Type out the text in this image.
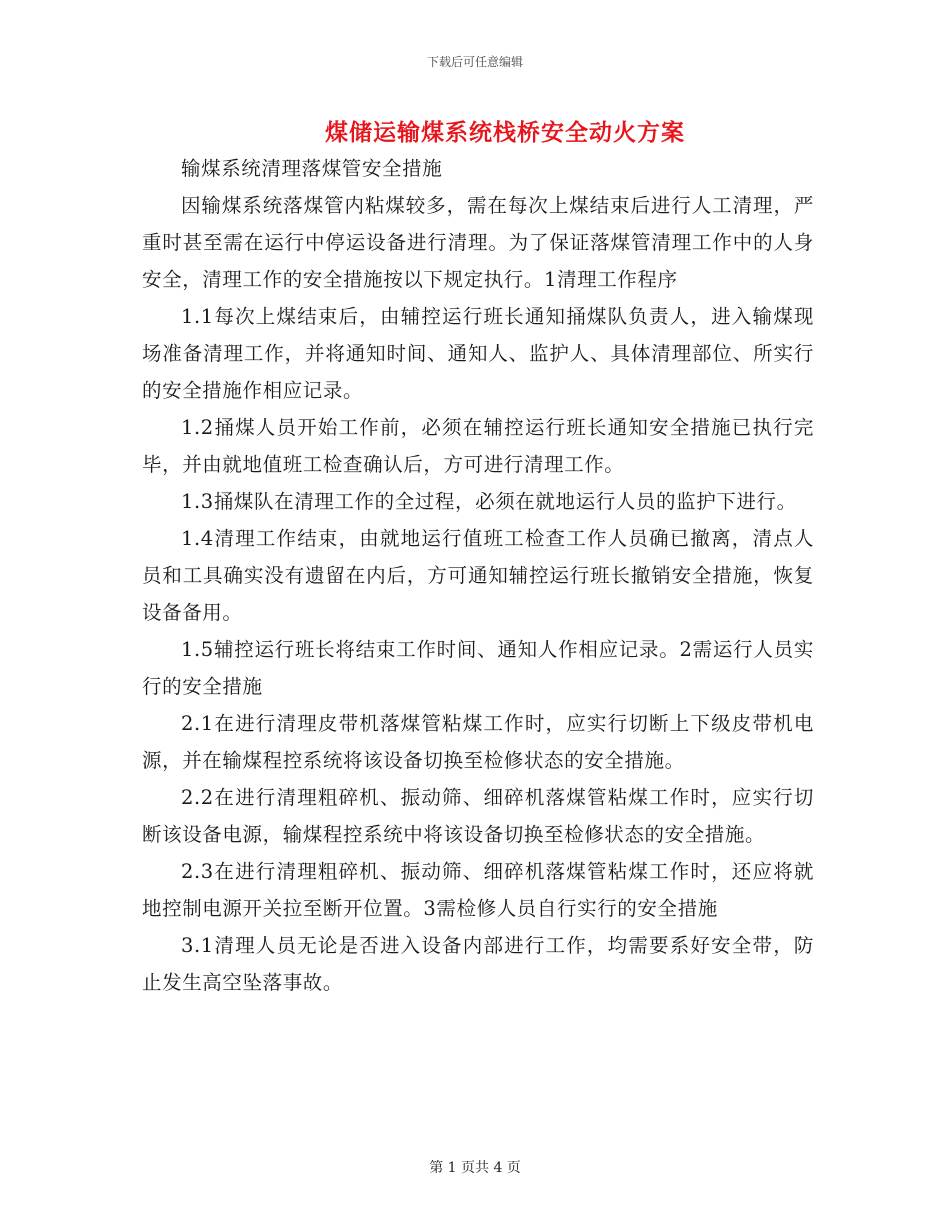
下载后可任意编辑
煤储运输煤系统栈桥安全动火方案

输煤系统清理落煤管安全措施

因输煤系统落煤管内粘煤较多，需在每次上煤结束后进行人工清理，严重时甚至需在运行中停运设备进行清理。为了保证落煤管清理工作中的人身安全，清理工作的安全措施按以下规定执行。1清理工作程序

1.1每次上煤结束后，由辅控运行班长通知捅煤队负责人，进入输煤现场准备清理工作，并将通知时间、通知人、监护人、具体清理部位、所实行的安全措施作相应记录。

1.2捅煤人员开始工作前，必须在辅控运行班长通知安全措施已执行完毕，并由就地值班工检查确认后，方可进行清理工作。

1.3捅煤队在清理工作的全过程，必须在就地运行人员的监护下进行。

1.4清理工作结束，由就地运行值班工检查工作人员确已撤离，清点人员和工具确实没有遗留在内后，方可通知辅控运行班长撤销安全措施，恢复设备备用。

1.5辅控运行班长将结束工作时间、通知人作相应记录。2需运行人员实行的安全措施

2.1在进行清理皮带机落煤管粘煤工作时，应实行切断上下级皮带机电源，并在输煤程控系统将该设备切换至检修状态的安全措施。

2.2在进行清理粗碎机、振动筛、细碎机落煤管粘煤工作时，应实行切断该设备电源，输煤程控系统中将该设备切换至检修状态的安全措施。

2.3在进行清理粗碎机、振动筛、细碎机落煤管粘煤工作时，还应将就地控制电源开关拉至断开位置。3需检修人员自行实行的安全措施

3.1清理人员无论是否进入设备内部进行工作，均需要系好安全带，防止发生高空坠落事故。

第 1 页共 4 页
